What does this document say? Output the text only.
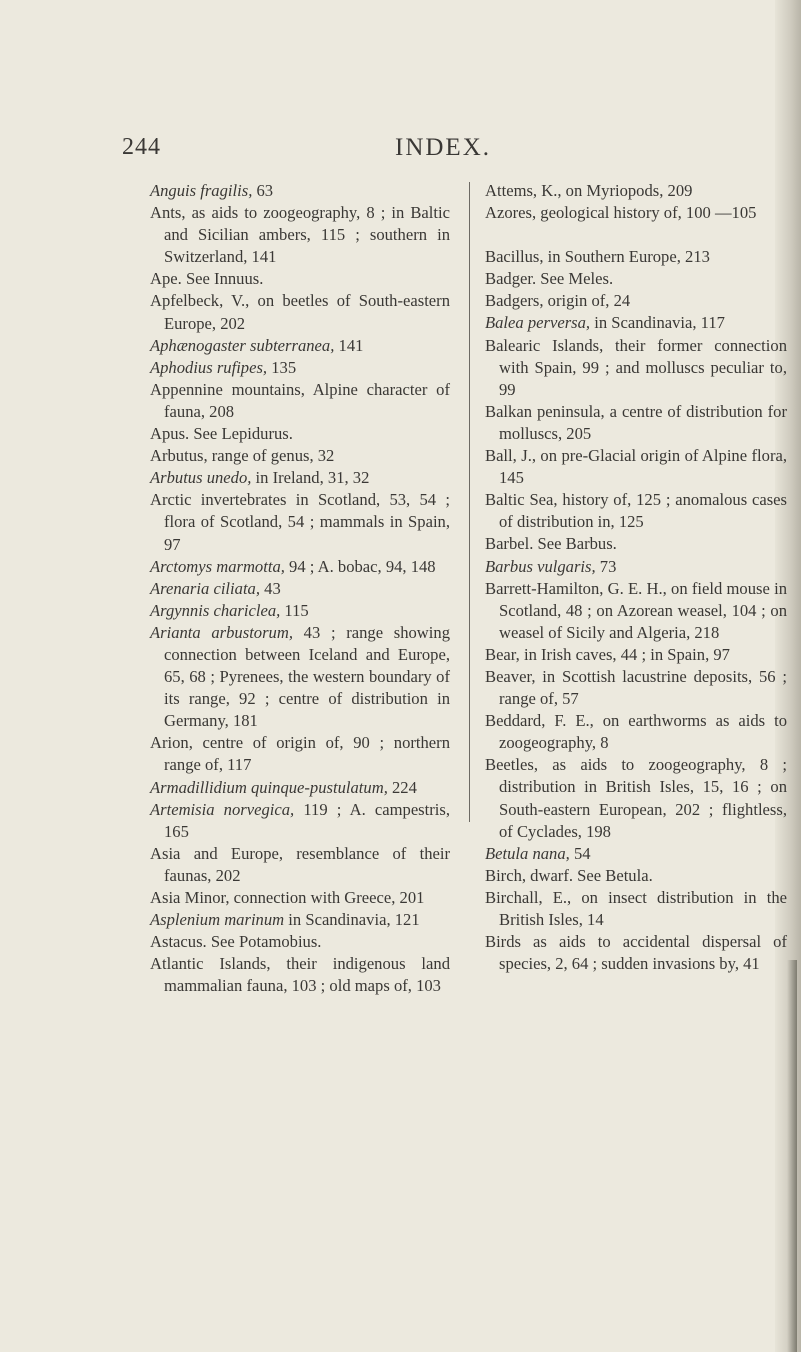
244	INDEX.
Anguis fragilis, 63
Ants, as aids to zoogeography, 8 ; in Baltic and Sicilian ambers, 115 ; southern in Switzerland, 141
Ape. See Innuus.
Apfelbeck, V., on beetles of South-eastern Europe, 202
Aphænogaster subterranea, 141
Aphodius rufipes, 135
Appennine mountains, Alpine character of fauna, 208
Apus. See Lepidurus.
Arbutus, range of genus, 32
Arbutus unedo, in Ireland, 31, 32
Arctic invertebrates in Scotland, 53, 54 ; flora of Scotland, 54 ; mammals in Spain, 97
Arctomys marmotta, 94 ; A. bobac, 94, 148
Arenaria ciliata, 43
Argynnis chariclea, 115
Arianta arbustorum, 43 ; range showing connection between Iceland and Europe, 65, 68 ; Pyrenees, the western boundary of its range, 92 ; centre of distribution in Germany, 181
Arion, centre of origin of, 90 ; northern range of, 117
Armadillidium quinque-pustulatum, 224
Artemisia norvegica, 119 ; A. campestris, 165
Asia and Europe, resemblance of their faunas, 202
Asia Minor, connection with Greece, 201
Asplenium marinum in Scandinavia, 121
Astacus. See Potamobius.
Atlantic Islands, their indigenous land mammalian fauna, 103 ; old maps of, 103
Attems, K., on Myriopods, 209
Azores, geological history of, 100 —105
Bacillus, in Southern Europe, 213
Badger. See Meles.
Badgers, origin of, 24
Balea perversa, in Scandinavia, 117
Balearic Islands, their former connection with Spain, 99 ; and molluscs peculiar to, 99
Balkan peninsula, a centre of distribution for molluscs, 205
Ball, J., on pre-Glacial origin of Alpine flora, 145
Baltic Sea, history of, 125 ; anomalous cases of distribution in, 125
Barbel. See Barbus.
Barbus vulgaris, 73
Barrett-Hamilton, G. E. H., on field mouse in Scotland, 48 ; on Azorean weasel, 104 ; on weasel of Sicily and Algeria, 218
Bear, in Irish caves, 44 ; in Spain, 97
Beaver, in Scottish lacustrine deposits, 56 ; range of, 57
Beddard, F. E., on earthworms as aids to zoogeography, 8
Beetles, as aids to zoogeography, 8 ; distribution in British Isles, 15, 16 ; on South-eastern European, 202 ; flightless, of Cyclades, 198
Betula nana, 54
Birch, dwarf. See Betula.
Birchall, E., on insect distribution in the British Isles, 14
Birds as aids to accidental dispersal of species, 2, 64 ; sudden invasions by, 41
